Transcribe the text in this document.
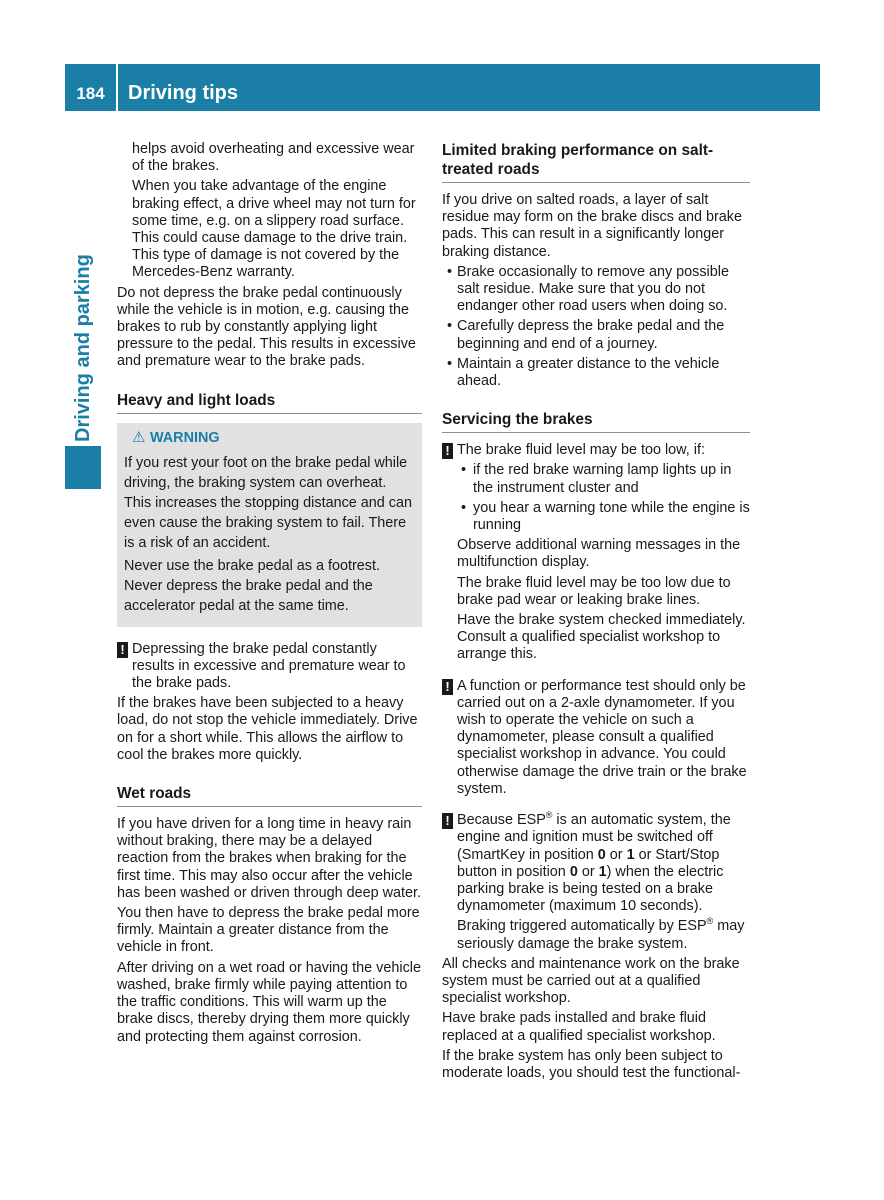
184	Driving tips
Driving and parking

helps avoid overheating and excessive wear of the brakes.

When you take advantage of the engine braking effect, a drive wheel may not turn for some time, e.g. on a slippery road surface. This could cause damage to the drive train. This type of damage is not covered by the Mercedes-Benz warranty.

Do not depress the brake pedal continuously while the vehicle is in motion, e.g. causing the brakes to rub by constantly applying light pressure to the pedal. This results in excessive and premature wear to the brake pads.

Heavy and light loads
⚠ WARNING

If you rest your foot on the brake pedal while driving, the braking system can overheat. This increases the stopping distance and can even cause the braking system to fail. There is a risk of an accident.

Never use the brake pedal as a footrest. Never depress the brake pedal and the accelerator pedal at the same time.

! Depressing the brake pedal constantly results in excessive and premature wear to the brake pads.

If the brakes have been subjected to a heavy load, do not stop the vehicle immediately. Drive on for a short while. This allows the airflow to cool the brakes more quickly.

Wet roads

If you have driven for a long time in heavy rain without braking, there may be a delayed reaction from the brakes when braking for the first time. This may also occur after the vehicle has been washed or driven through deep water.

You then have to depress the brake pedal more firmly. Maintain a greater distance from the vehicle in front.

After driving on a wet road or having the vehicle washed, brake firmly while paying attention to the traffic conditions. This will warm up the brake discs, thereby drying them more quickly and protecting them against corrosion.

Limited braking performance on salt-treated roads

If you drive on salted roads, a layer of salt residue may form on the brake discs and brake pads. This can result in a significantly longer braking distance.

• Brake occasionally to remove any possible salt residue. Make sure that you do not endanger other road users when doing so.
• Carefully depress the brake pedal and the beginning and end of a journey.
• Maintain a greater distance to the vehicle ahead.
Servicing the brakes
! The brake fluid level may be too low, if:
• if the red brake warning lamp lights up in the instrument cluster and
• you hear a warning tone while the engine is running

Observe additional warning messages in the multifunction display.

The brake fluid level may be too low due to brake pad wear or leaking brake lines.

Have the brake system checked immediately. Consult a qualified specialist workshop to arrange this.

! A function or performance test should only be carried out on a 2-axle dynamometer. If you wish to operate the vehicle on such a dynamometer, please consult a qualified specialist workshop in advance. You could otherwise damage the drive train or the brake system.
! Because ESP® is an automatic system, the engine and ignition must be switched off (SmartKey in position 0 or 1 or Start/Stop button in position 0 or 1) when the electric parking brake is being tested on a brake dynamometer (maximum 10 seconds).

Braking triggered automatically by ESP® may seriously damage the brake system.

All checks and maintenance work on the brake system must be carried out at a qualified specialist workshop.

Have brake pads installed and brake fluid replaced at a qualified specialist workshop.

If the brake system has only been subject to moderate loads, you should test the functional-
